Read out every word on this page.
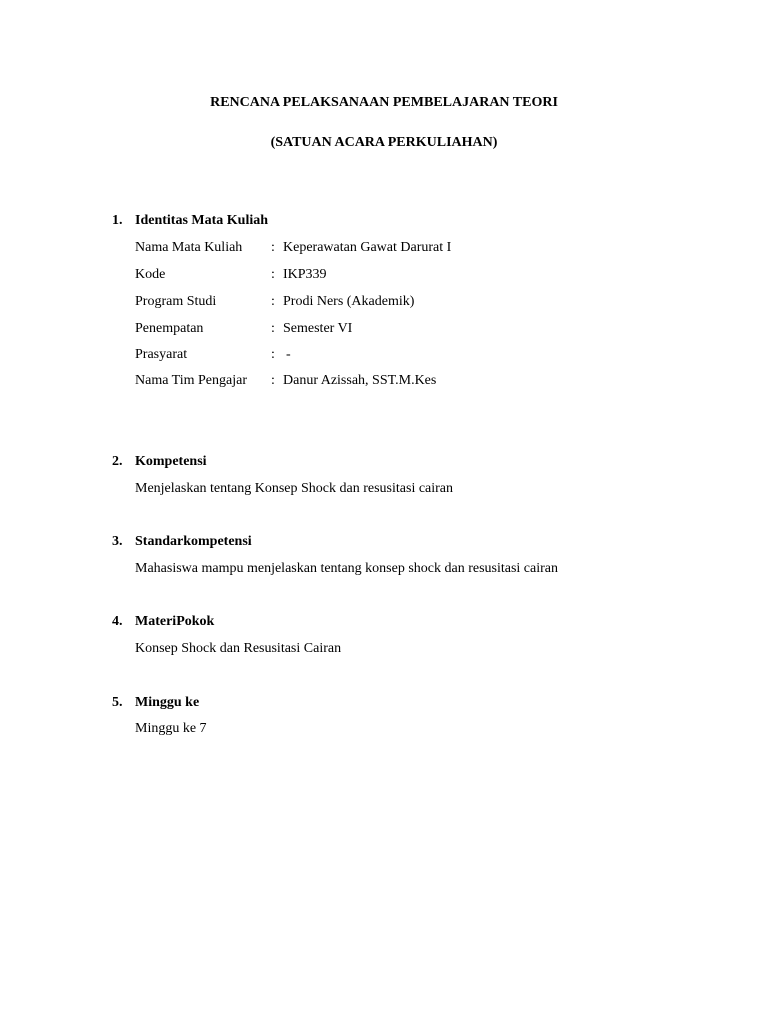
RENCANA PELAKSANAAN PEMBELAJARAN TEORI
(SATUAN ACARA PERKULIAHAN)
1. Identitas Mata Kuliah
Nama Mata Kuliah : Keperawatan Gawat Darurat I
Kode	: IKP339
Program Studi	: Prodi Ners (Akademik)
Penempatan	: Semester VI
Prasyarat	: -
Nama Tim Pengajar : Danur Azissah, SST.M.Kes
2. Kompetensi
Menjelaskan tentang Konsep Shock dan resusitasi cairan
3. Standarkompetensi
Mahasiswa mampu menjelaskan tentang konsep shock dan resusitasi cairan
4. MateriPokok
Konsep Shock dan Resusitasi Cairan
5. Minggu ke
Minggu ke 7
